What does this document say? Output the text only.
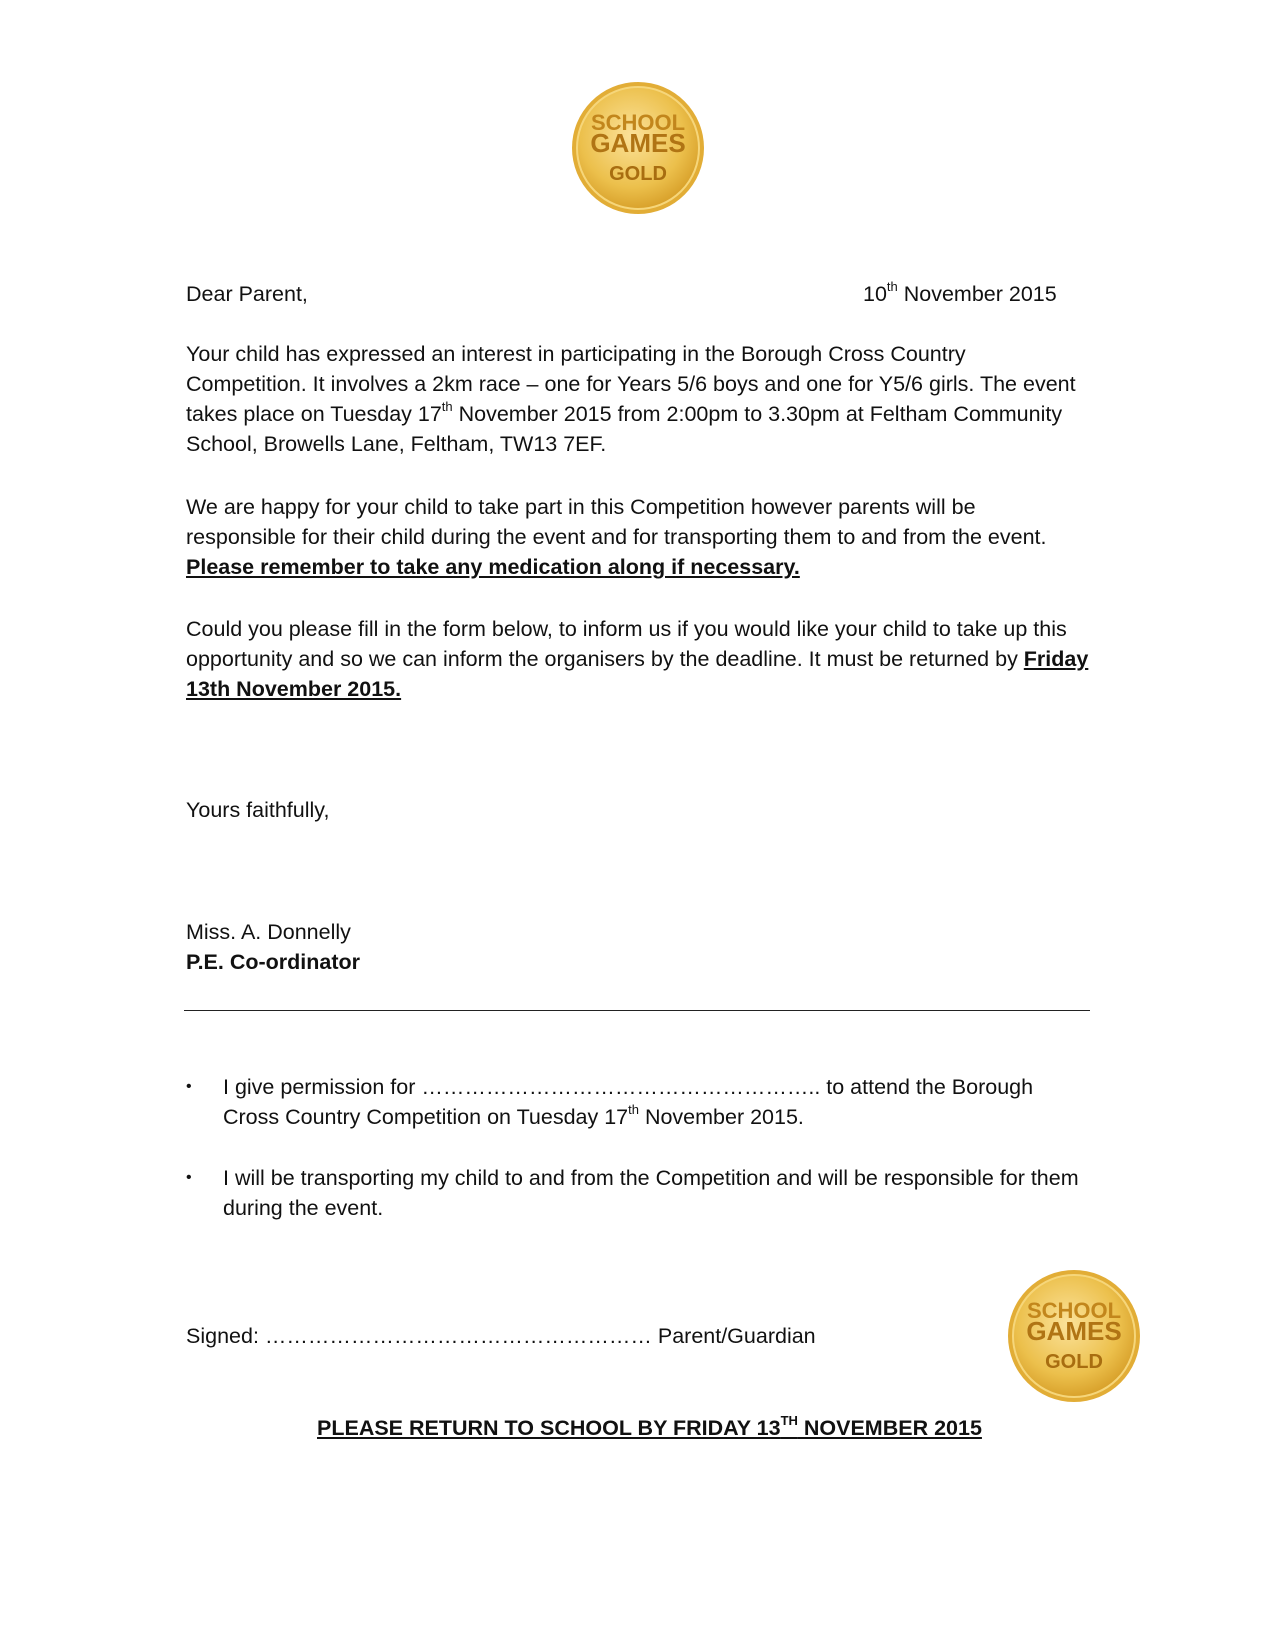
SCHOOL
GAMES
GOLD
Dear Parent,	10th November 2015
Your child has expressed an interest in participating in the Borough Cross Country Competition. It involves a 2km race – one for Years 5/6 boys and one for Y5/6 girls. The event takes place on Tuesday 17th November 2015 from 2:00pm to 3.30pm at Feltham Community School, Browells Lane, Feltham, TW13 7EF.
We are happy for your child to take part in this Competition however parents will be responsible for their child during the event and for transporting them to and from the event. Please remember to take any medication along if necessary.
Could you please fill in the form below, to inform us if you would like your child to take up this opportunity and so we can inform the organisers by the deadline. It must be returned by Friday 13th November 2015.
Yours faithfully,
Miss. A. Donnelly
P.E. Co-ordinator
• I give permission for ……………………………………………….. to attend the Borough Cross Country Competition on Tuesday 17th November 2015.
• I will be transporting my child to and from the Competition and will be responsible for them during the event.
Signed: ……………………………………………… Parent/Guardian
SCHOOL
GAMES
GOLD
PLEASE RETURN TO SCHOOL BY FRIDAY 13TH NOVEMBER 2015
